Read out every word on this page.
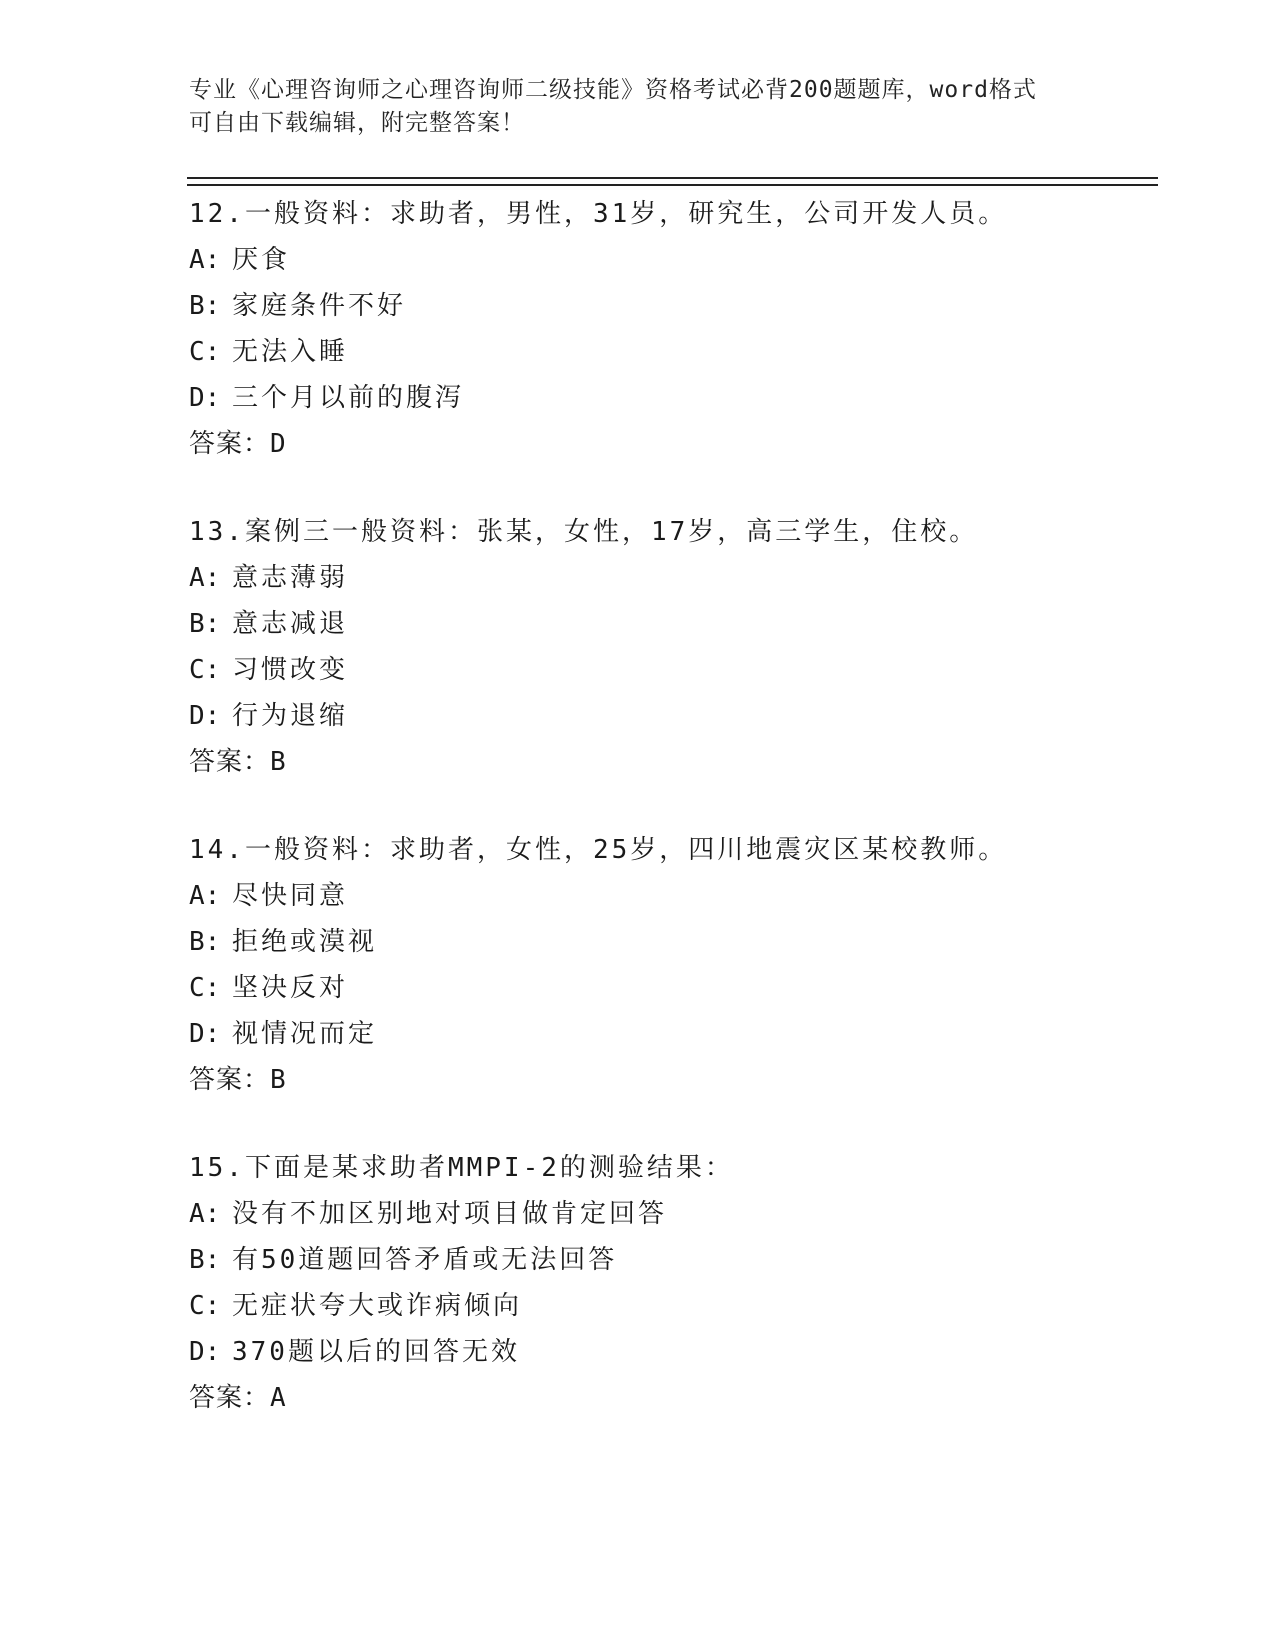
专业《心理咨询师之心理咨询师二级技能》资格考试必背200题题库，word格式
可自由下载编辑，附完整答案！
12.一般资料：求助者，男性，31岁，研究生，公司开发人员。
A: 厌食
B: 家庭条件不好
C: 无法入睡
D: 三个月以前的腹泻
答案：D
13.案例三一般资料：张某，女性，17岁，高三学生，住校。
A: 意志薄弱
B: 意志减退
C: 习惯改变
D: 行为退缩
答案：B
14.一般资料：求助者，女性，25岁，四川地震灾区某校教师。
A: 尽快同意
B: 拒绝或漠视
C: 坚决反对
D: 视情况而定
答案：B
15.下面是某求助者MMPI-2的测验结果：
A: 没有不加区别地对项目做肯定回答
B: 有50道题回答矛盾或无法回答
C: 无症状夸大或诈病倾向
D: 370题以后的回答无效
答案：A
